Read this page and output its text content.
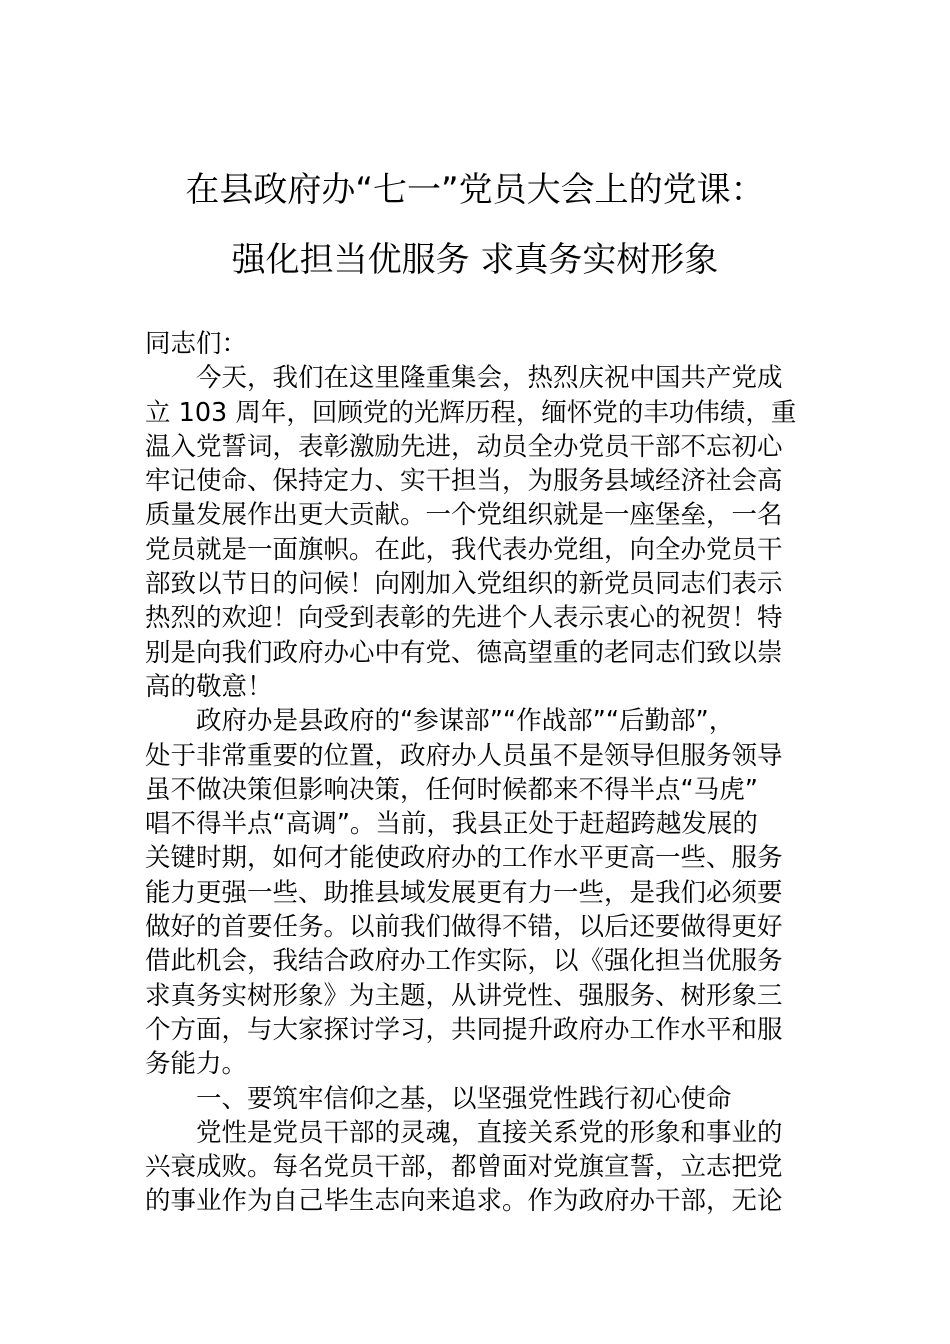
在县政府办“七一”党员大会上的党课：
强化担当优服务 求真务实树形象
同志们：
今天，我们在这里隆重集会，热烈庆祝中国共产党成
立 103 周年，回顾党的光辉历程，缅怀党的丰功伟绩，重
温入党誓词，表彰激励先进，动员全办党员干部不忘初心
牢记使命、保持定力、实干担当，为服务县域经济社会高
质量发展作出更大贡献。一个党组织就是一座堡垒，一名
党员就是一面旗帜。在此，我代表办党组，向全办党员干
部致以节日的问候！向刚加入党组织的新党员同志们表示
热烈的欢迎！向受到表彰的先进个人表示衷心的祝贺！特
别是向我们政府办心中有党、德高望重的老同志们致以崇
高的敬意！
政府办是县政府的“参谋部”“作战部”“后勤部”，
处于非常重要的位置，政府办人员虽不是领导但服务领导
虽不做决策但影响决策，任何时候都来不得半点“马虎”
唱不得半点“高调”。当前，我县正处于赶超跨越发展的
关键时期，如何才能使政府办的工作水平更高一些、服务
能力更强一些、助推县域发展更有力一些，是我们必须要
做好的首要任务。以前我们做得不错，以后还要做得更好
借此机会，我结合政府办工作实际，以《强化担当优服务
求真务实树形象》为主题，从讲党性、强服务、树形象三
个方面，与大家探讨学习，共同提升政府办工作水平和服
务能力。
一、要筑牢信仰之基，以坚强党性践行初心使命
党性是党员干部的灵魂，直接关系党的形象和事业的
兴衰成败。每名党员干部，都曾面对党旗宣誓，立志把党
的事业作为自己毕生志向来追求。作为政府办干部，无论
